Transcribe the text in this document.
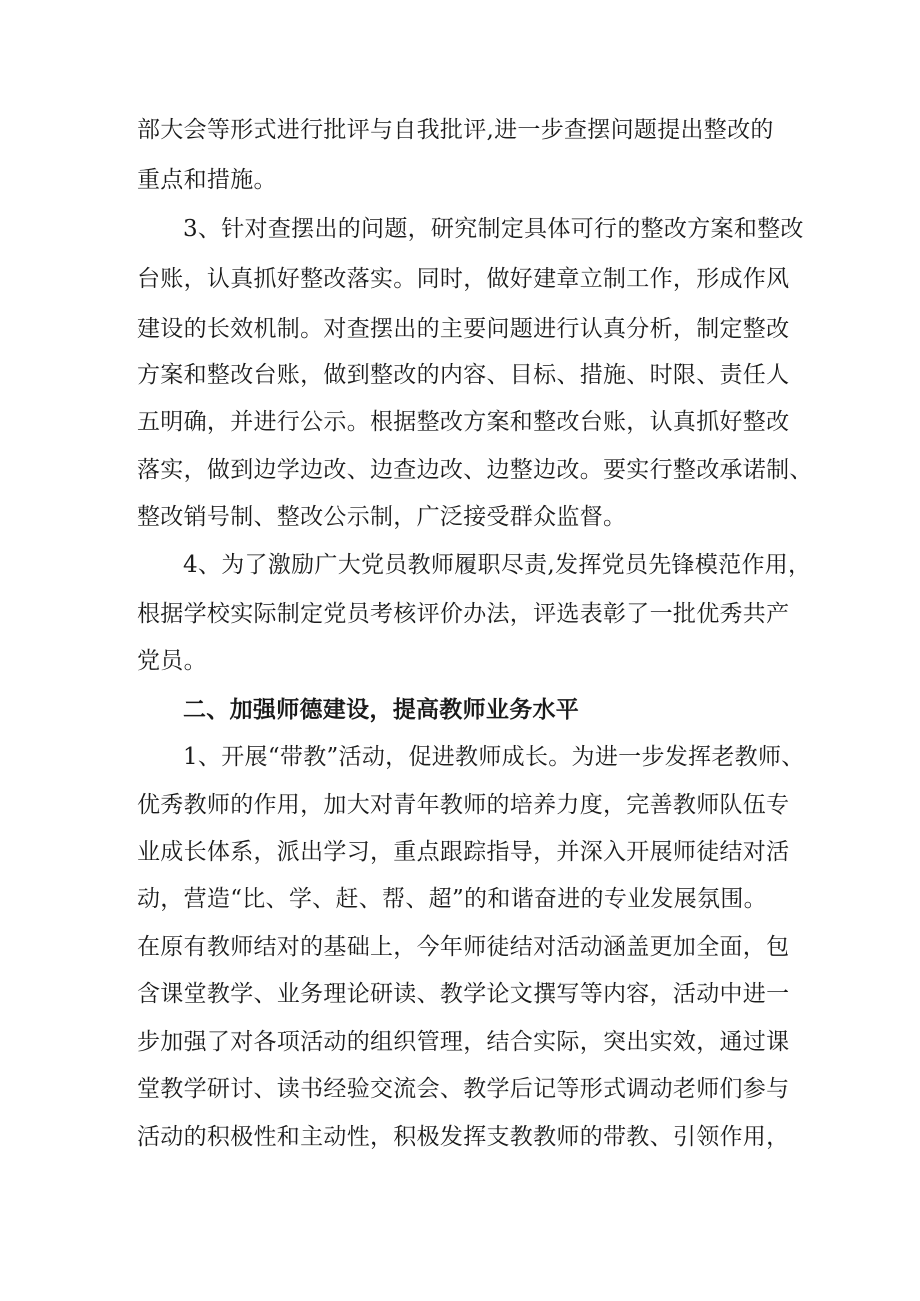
部大会等形式进行批评与自我批评,进一步查摆问题提出整改的
重点和措施。
3、针对查摆出的问题，研究制定具体可行的整改方案和整改
台账，认真抓好整改落实。同时，做好建章立制工作，形成作风
建设的长效机制。对查摆出的主要问题进行认真分析，制定整改
方案和整改台账，做到整改的内容、目标、措施、时限、责任人
五明确，并进行公示。根据整改方案和整改台账，认真抓好整改
落实，做到边学边改、边查边改、边整边改。要实行整改承诺制、
整改销号制、整改公示制，广泛接受群众监督。
4、为了激励广大党员教师履职尽责,发挥党员先锋模范作用，
根据学校实际制定党员考核评价办法，评选表彰了一批优秀共产
党员。
二、加强师德建设，提高教师业务水平
1、开展“带教”活动，促进教师成长。为进一步发挥老教师、
优秀教师的作用，加大对青年教师的培养力度，完善教师队伍专
业成长体系，派出学习，重点跟踪指导，并深入开展师徒结对活
动，营造“比、学、赶、帮、超”的和谐奋进的专业发展氛围。
在原有教师结对的基础上，今年师徒结对活动涵盖更加全面，包
含课堂教学、业务理论研读、教学论文撰写等内容，活动中进一
步加强了对各项活动的组织管理，结合实际，突出实效，通过课
堂教学研讨、读书经验交流会、教学后记等形式调动老师们参与
活动的积极性和主动性，积极发挥支教教师的带教、引领作用，
